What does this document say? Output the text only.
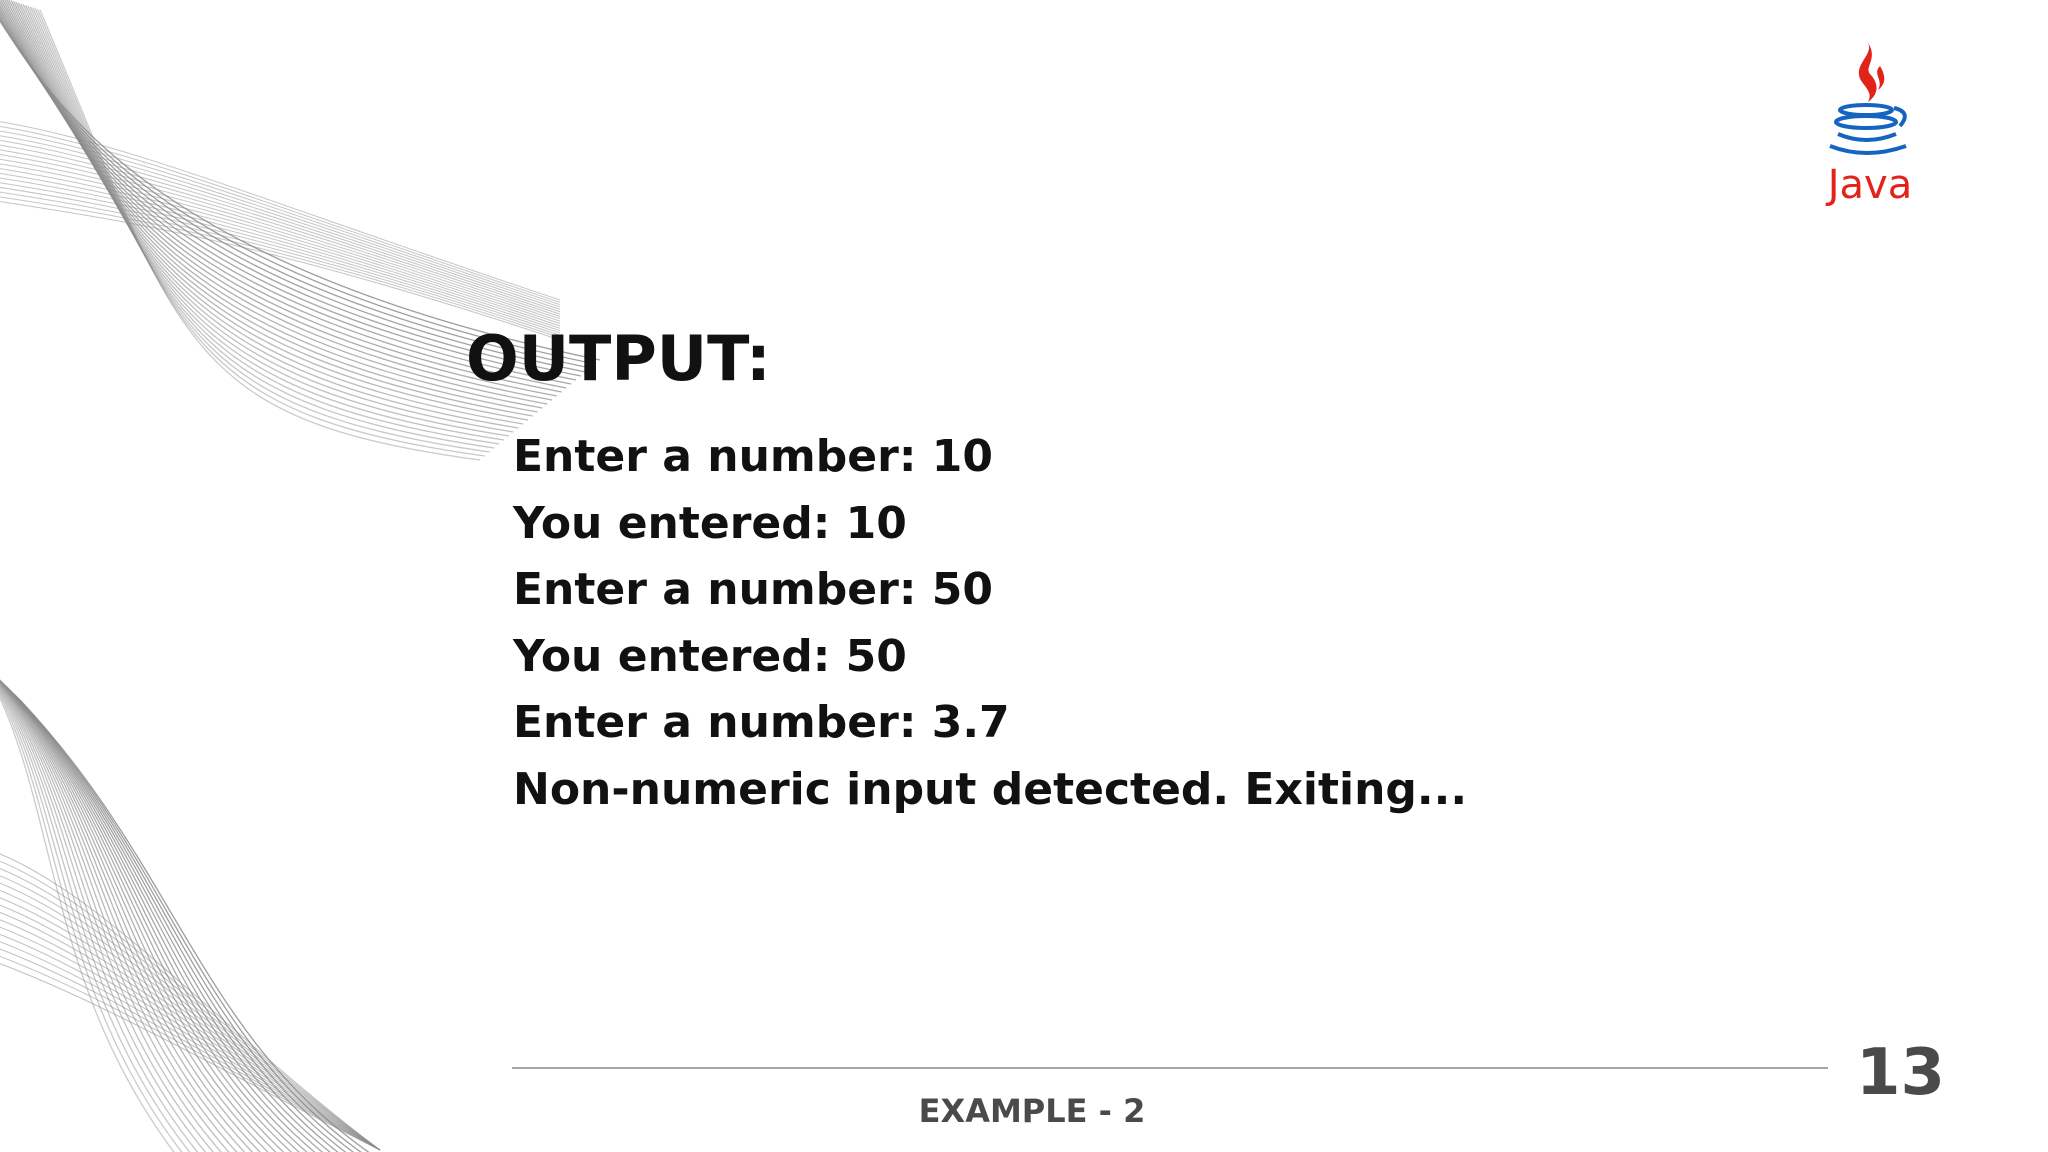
Java
OUTPUT:
Enter a number: 10
You entered: 10
Enter a number: 50
You entered: 50
Enter a number: 3.7
Non-numeric input detected. Exiting...
EXAMPLE - 2
13
